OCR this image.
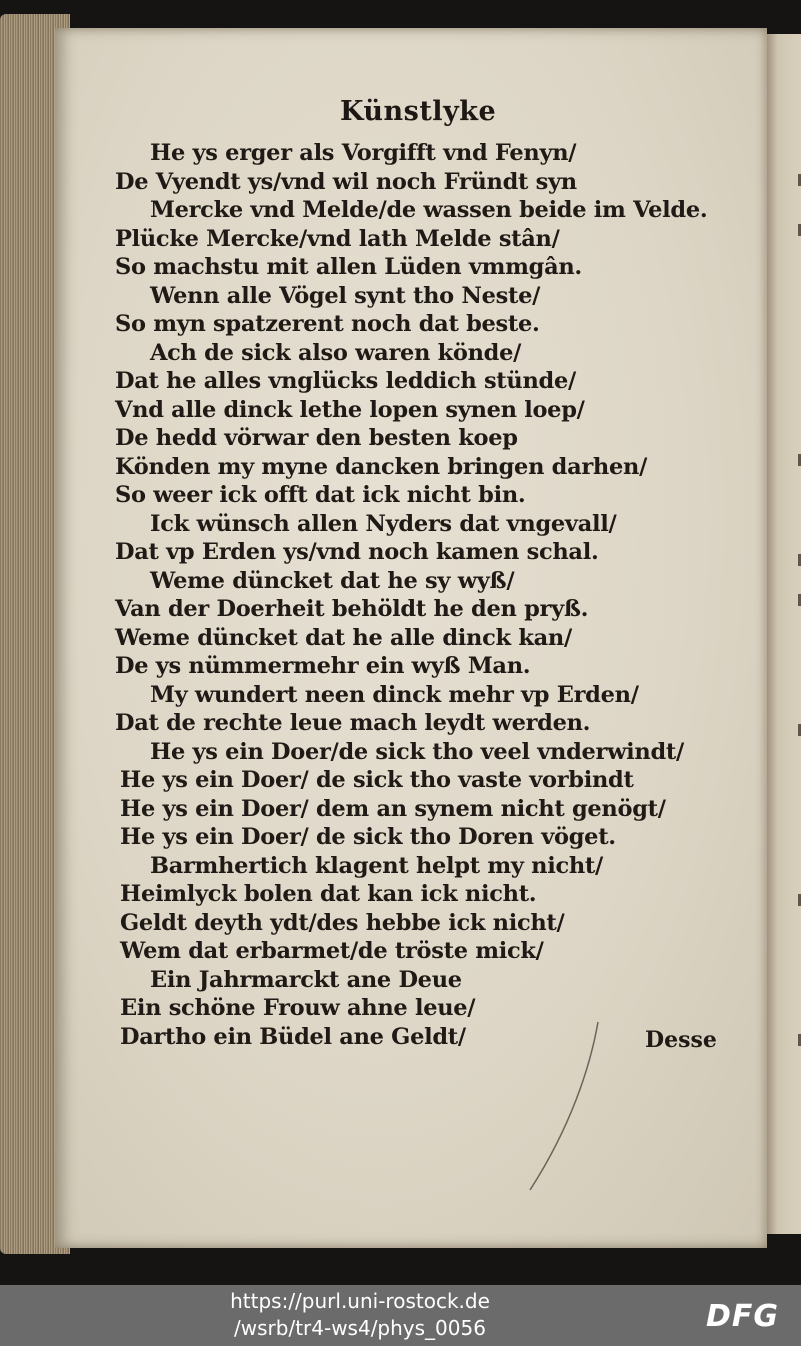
Künstlyke
He ys erger als Vorgifft vnd Fenyn/
De Vyendt ys/vnd wil noch Fründt syn
Mercke vnd Melde/de wassen beide im Velde.
Plücke Mercke/vnd lath Melde stân/
So machstu mit allen Lüden vmmgân.
Wenn alle Vögel synt tho Neste/
So myn spatzerent noch dat beste.
Ach de sick also waren könde/
Dat he alles vnglücks leddich stünde/
Vnd alle dinck lethe lopen synen loep/
De hedd vörwar den besten koep
Könden my myne dancken bringen darhen/
So weer ick offt dat ick nicht bin.
Ick wünsch allen Nyders dat vngevall/
Dat vp Erden ys/vnd noch kamen schal.
Weme düncket dat he sy wyß/
Van der Doerheit behöldt he den pryß.
Weme düncket dat he alle dinck kan/
De ys nümmermehr ein wyß Man.
My wundert neen dinck mehr vp Erden/
Dat de rechte leue mach leydt werden.
He ys ein Doer/de sick tho veel vnderwindt/
He ys ein Doer/ de sick tho vaste vorbindt
He ys ein Doer/ dem an synem nicht genögt/
He ys ein Doer/ de sick tho Doren vöget.
Barmhertich klagent helpt my nicht/
Heimlyck bolen dat kan ick nicht.
Geldt deyth ydt/des hebbe ick nicht/
Wem dat erbarmet/de tröste mick/
Ein Jahrmarckt ane Deue
Ein schöne Frouw ahne leue/
Dartho ein Büdel ane Geldt/	Desse
https://purl.uni-rostock.de
/wsrb/tr4-ws4/phys_0056	DFG
